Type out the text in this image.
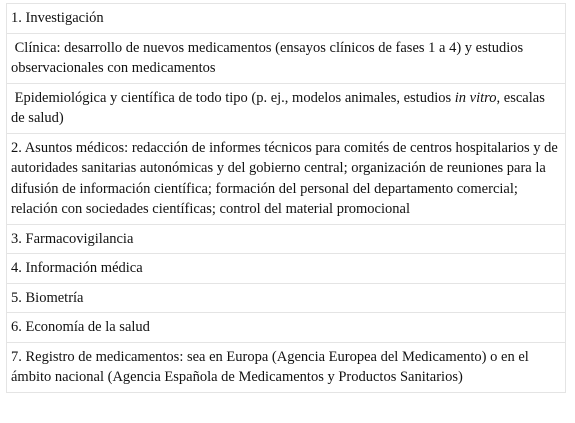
1. Investigación
Clínica: desarrollo de nuevos medicamentos (ensayos clínicos de fases 1 a 4) y estudios observacionales con medicamentos
Epidemiológica y científica de todo tipo (p. ej., modelos animales, estudios in vitro, escalas de salud)
2. Asuntos médicos: redacción de informes técnicos para comités de centros hospitalarios y de autoridades sanitarias autonómicas y del gobierno central; organización de reuniones para la difusión de información científica; formación del personal del departamento comercial; relación con sociedades científicas; control del material promocional
3. Farmacovigilancia
4. Información médica
5. Biometría
6. Economía de la salud
7. Registro de medicamentos: sea en Europa (Agencia Europea del Medicamento) o en el ámbito nacional (Agencia Española de Medicamentos y Productos Sanitarios)
